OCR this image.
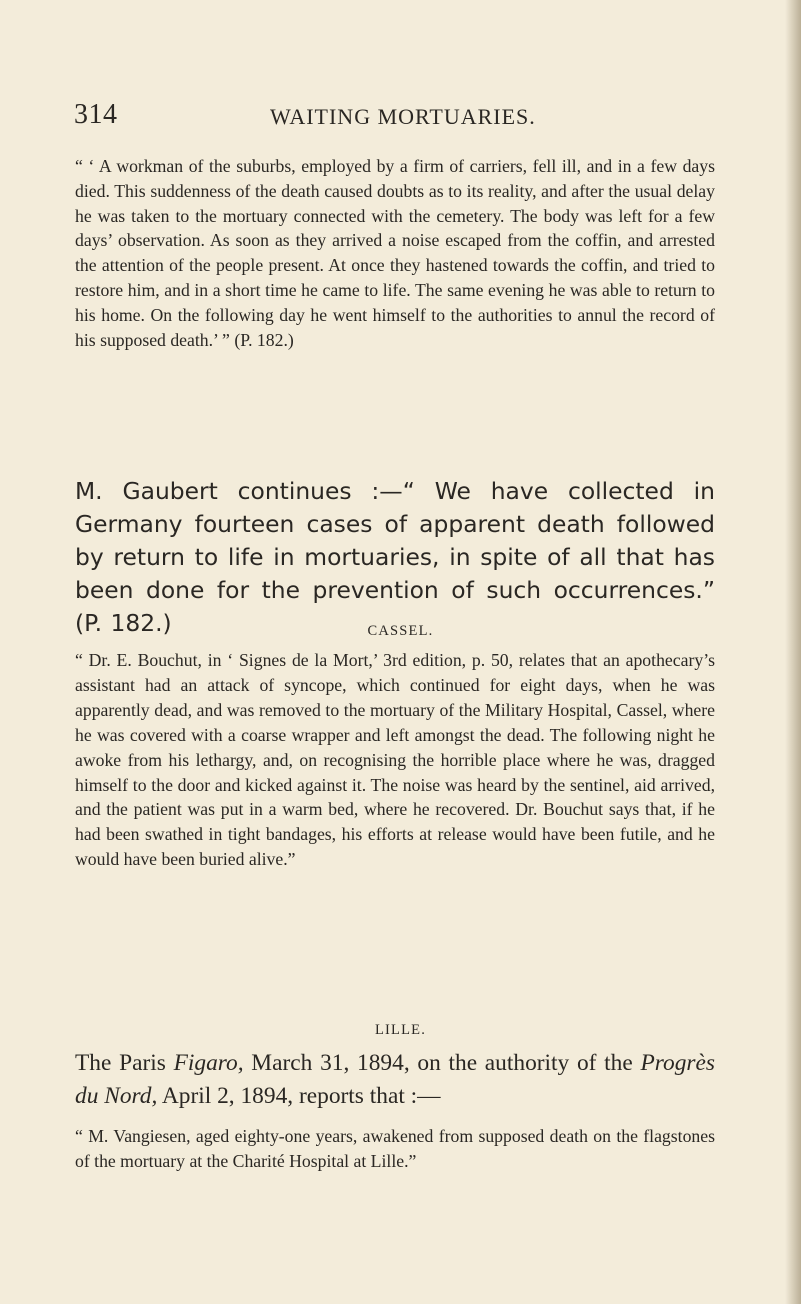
314	WAITING MORTUARIES.

“ ‘ A workman of the suburbs, employed by a firm of carriers, fell ill, and in a few days died. This suddenness of the death caused doubts as to its reality, and after the usual delay he was taken to the mortuary connected with the cemetery. The body was left for a few days’ observation. As soon as they arrived a noise escaped from the coffin, and arrested the attention of the people present. At once they hastened towards the coffin, and tried to restore him, and in a short time he came to life. The same evening he was able to return to his home. On the following day he went himself to the authorities to annul the record of his supposed death.’ ” (P. 182.)

M. Gaubert continues :—“ We have collected in Germany fourteen cases of apparent death followed by return to life in mortuaries, in spite of all that has been done for the prevention of such occurrences.” (P. 182.)	CASSEL.

“ Dr. E. Bouchut, in ‘ Signes de la Mort,’ 3rd edition, p. 50, relates that an apothecary’s assistant had an attack of syncope, which continued for eight days, when he was apparently dead, and was removed to the mortuary of the Military Hospital, Cassel, where he was covered with a coarse wrapper and left amongst the dead. The following night he awoke from his lethargy, and, on recognising the horrible place where he was, dragged himself to the door and kicked against it. The noise was heard by the sentinel, aid arrived, and the patient was put in a warm bed, where he recovered. Dr. Bouchut says that, if he had been swathed in tight bandages, his efforts at release would have been futile, and he would have been buried alive.”

LILLE.

The Paris Figaro, March 31, 1894, on the authority of the Progrès du Nord, April 2, 1894, reports that :—

“ M. Vangiesen, aged eighty-one years, awakened from supposed death on the flagstones of the mortuary at the Charité Hospital at Lille.”
